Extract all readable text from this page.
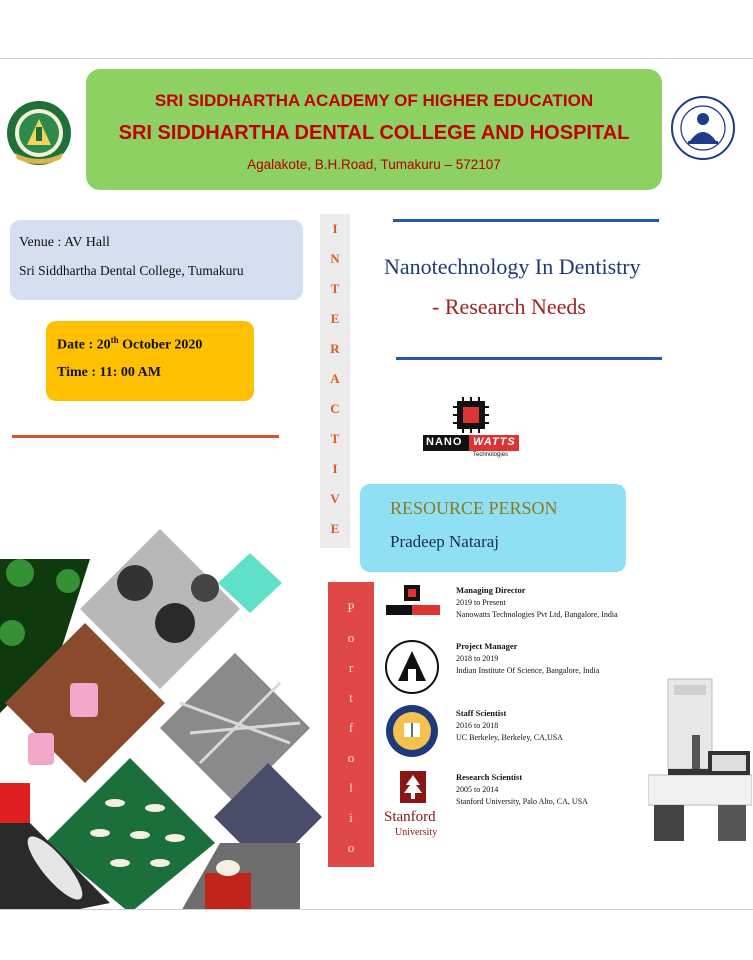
SRI SIDDHARTHA ACADEMY OF HIGHER EDUCATION
SRI SIDDHARTHA DENTAL COLLEGE AND HOSPITAL
Agalakote, B.H.Road, Tumakuru – 572107
Venue : AV Hall
Sri Siddhartha Dental College, Tumakuru
Date : 20th October 2020
Time : 11: 00 AM
I
N
T
E
R
A
C
T
I
V
E
Nanotechnology In Dentistry
- Research Needs
NANO WATTS
Technologies
RESOURCE PERSON
Pradeep Nataraj
P
o
r
t
f
o
l
i
o
Managing Director
2019 to Present
Nanowatts Technologies Pvt Ltd, Bangalore, India
Project Manager
2018 to 2019
Indian Institute Of Science, Bangalore, India
Staff Scientist
2016 to 2018
UC Berkeley, Berkeley, CA,USA
Stanford
University
Research Scientist
2005 to 2014
Stanford University, Palo Alto, CA, USA
